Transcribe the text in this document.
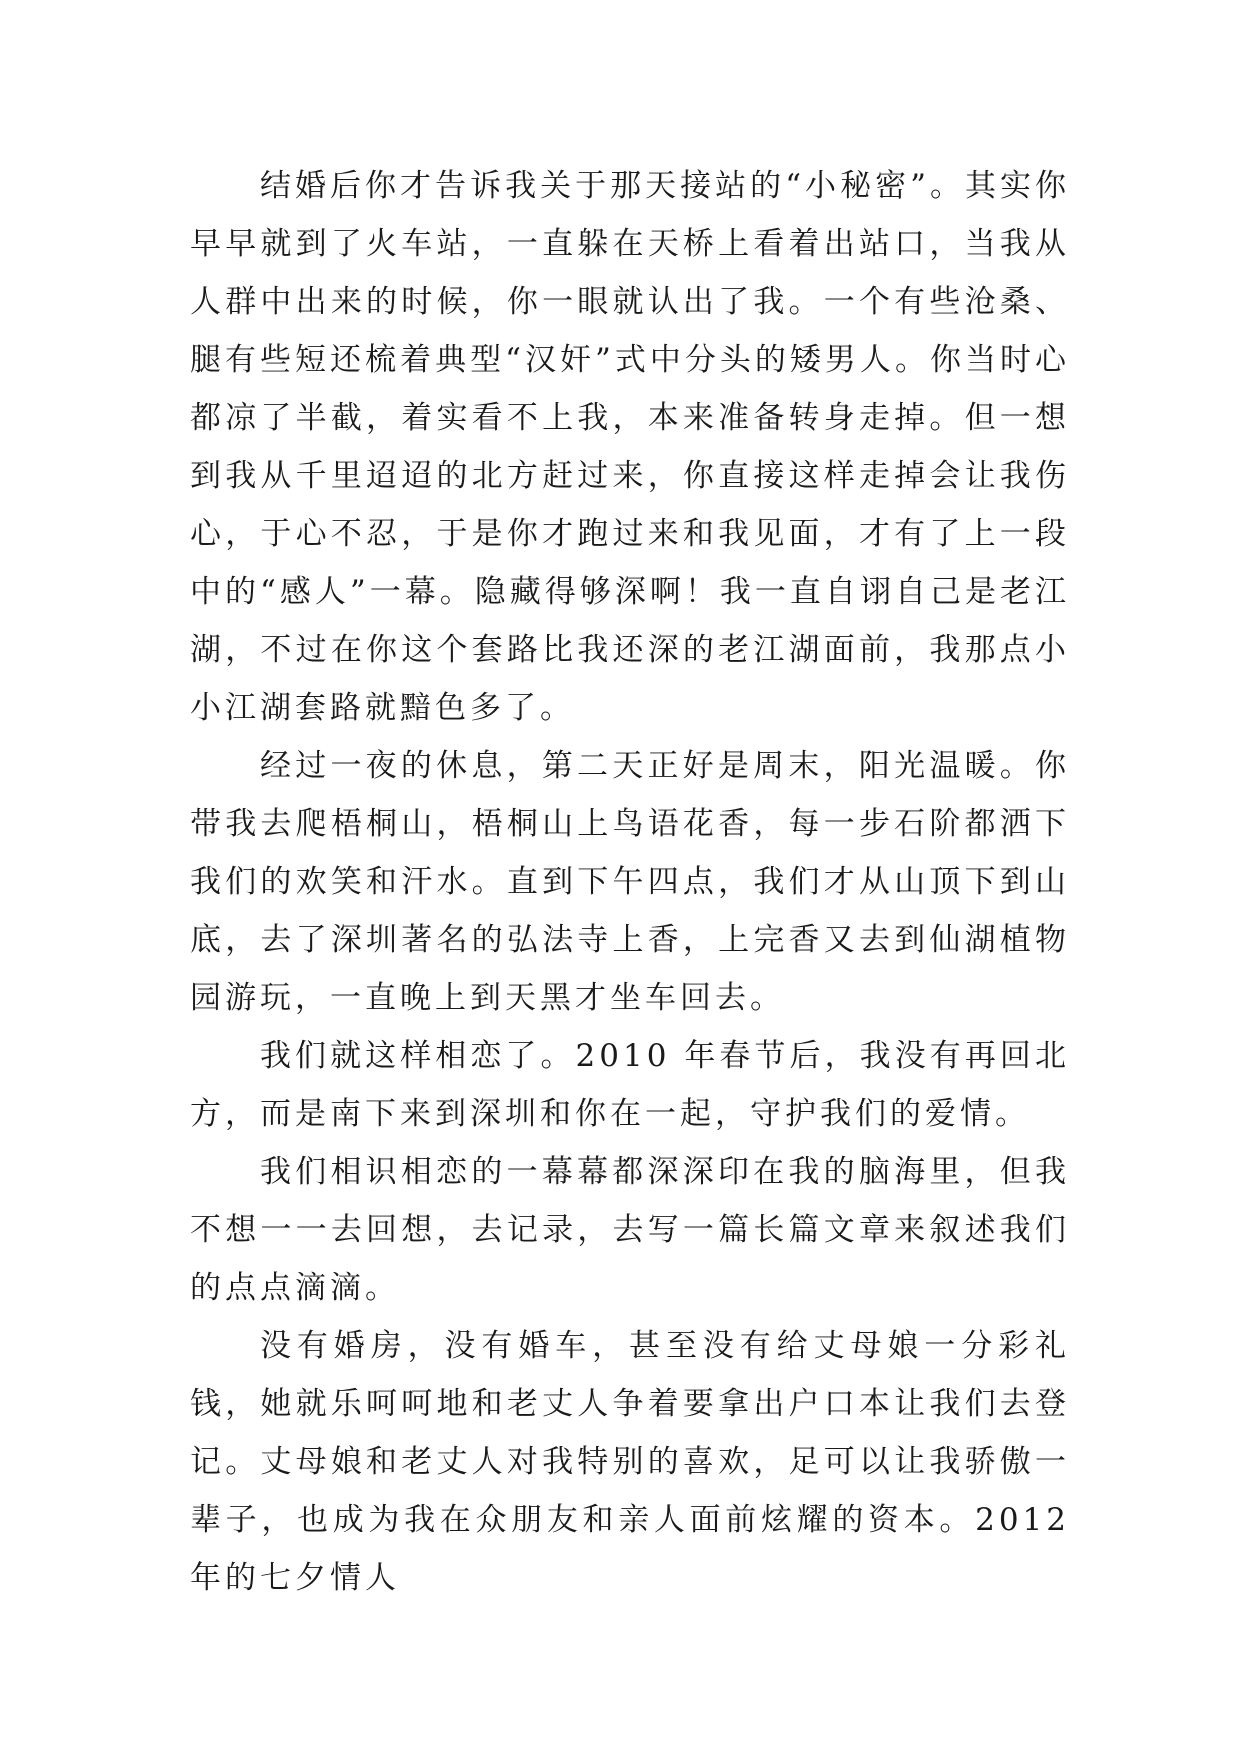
结婚后你才告诉我关于那天接站的“小秘密”。其实你早早就到了火车站，一直躲在天桥上看着出站口，当我从人群中出来的时候，你一眼就认出了我。一个有些沧桑、腿有些短还梳着典型“汉奸”式中分头的矮男人。你当时心都凉了半截，着实看不上我，本来准备转身走掉。但一想到我从千里迢迢的北方赶过来，你直接这样走掉会让我伤心，于心不忍，于是你才跑过来和我见面，才有了上一段中的“感人”一幕。隐藏得够深啊！我一直自诩自己是老江湖，不过在你这个套路比我还深的老江湖面前，我那点小小江湖套路就黯色多了。

经过一夜的休息，第二天正好是周末，阳光温暖。你带我去爬梧桐山，梧桐山上鸟语花香，每一步石阶都洒下我们的欢笑和汗水。直到下午四点，我们才从山顶下到山底，去了深圳著名的弘法寺上香，上完香又去到仙湖植物园游玩，一直晚上到天黑才坐车回去。

我们就这样相恋了。2010 年春节后，我没有再回北方，而是南下来到深圳和你在一起，守护我们的爱情。

我们相识相恋的一幕幕都深深印在我的脑海里，但我不想一一去回想，去记录，去写一篇长篇文章来叙述我们的点点滴滴。

没有婚房，没有婚车，甚至没有给丈母娘一分彩礼钱，她就乐呵呵地和老丈人争着要拿出户口本让我们去登记。丈母娘和老丈人对我特别的喜欢，足可以让我骄傲一辈子，也成为我在众朋友和亲人面前炫耀的资本。2012 年的七夕情人
